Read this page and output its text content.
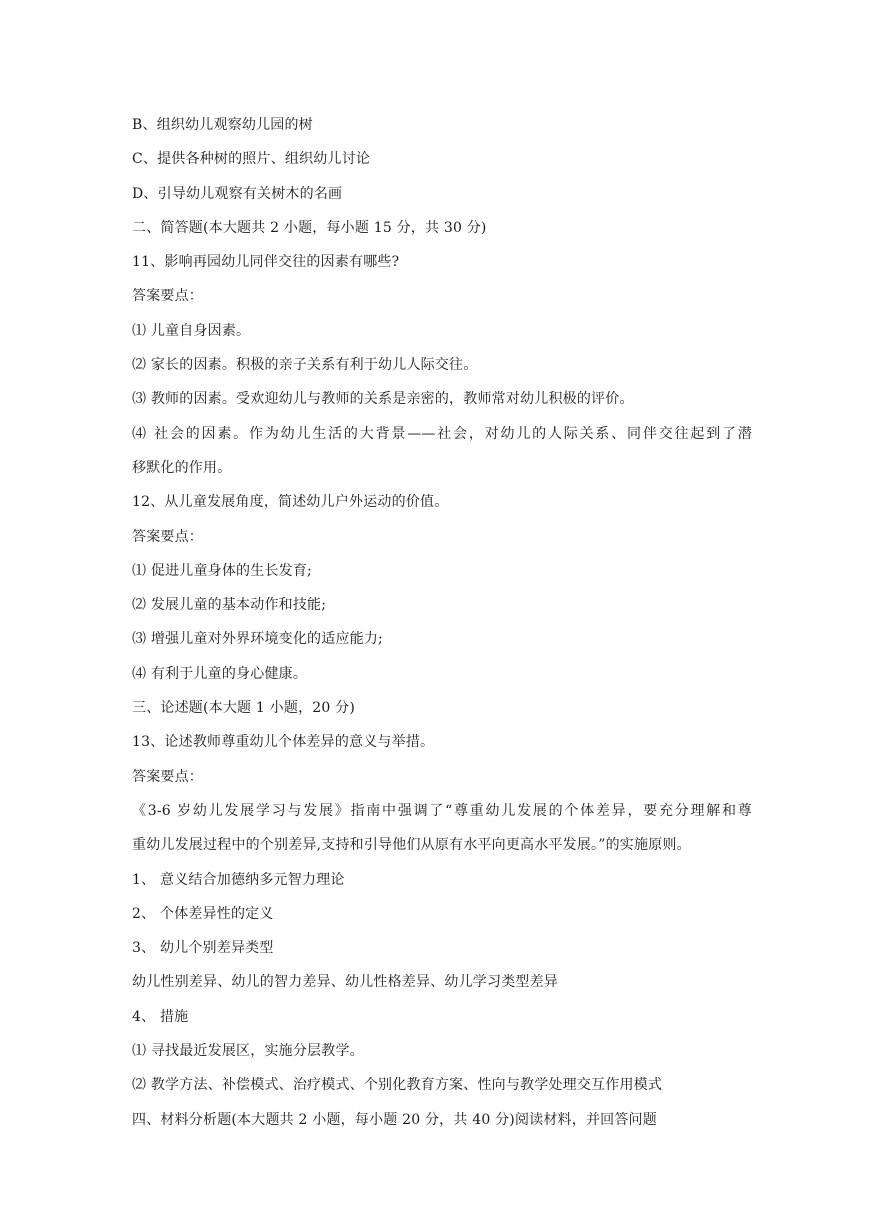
B、组织幼儿观察幼儿园的树
C、提供各种树的照片、组织幼儿讨论
D、引导幼儿观察有关树木的名画
二、简答题(本大题共 2 小题，每小题 15 分，共 30 分)
11、影响再园幼儿同伴交往的因素有哪些?
答案要点：
⑴ 儿童自身因素。
⑵ 家长的因素。积极的亲子关系有利于幼儿人际交往。
⑶ 教师的因素。受欢迎幼儿与教师的关系是亲密的，教师常对幼儿积极的评价。
⑷ 社会的因素。作为幼儿生活的大背景——社会，对幼儿的人际关系、同伴交往起到了潜
移默化的作用。
12、从儿童发展角度，简述幼儿户外运动的价值。
答案要点：
⑴ 促进儿童身体的生长发育;
⑵ 发展儿童的基本动作和技能;
⑶ 增强儿童对外界环境变化的适应能力;
⑷ 有利于儿童的身心健康。
三、论述题(本大题 1 小题，20 分)
13、论述教师尊重幼儿个体差异的意义与举措。
答案要点：
《3-6 岁幼儿发展学习与发展》指南中强调了“尊重幼儿发展的个体差异，要充分理解和尊
重幼儿发展过程中的个别差异,支持和引导他们从原有水平向更高水平发展。”的实施原则。
1、 意义结合加德纳多元智力理论
2、 个体差异性的定义
3、 幼儿个别差异类型
幼儿性别差异、幼儿的智力差异、幼儿性格差异、幼儿学习类型差异
4、 措施
⑴ 寻找最近发展区，实施分层教学。
⑵ 教学方法、补偿模式、治疗模式、个别化教育方案、性向与教学处理交互作用模式
四、材料分析题(本大题共 2 小题，每小题 20 分，共 40 分)阅读材料，并回答问题
